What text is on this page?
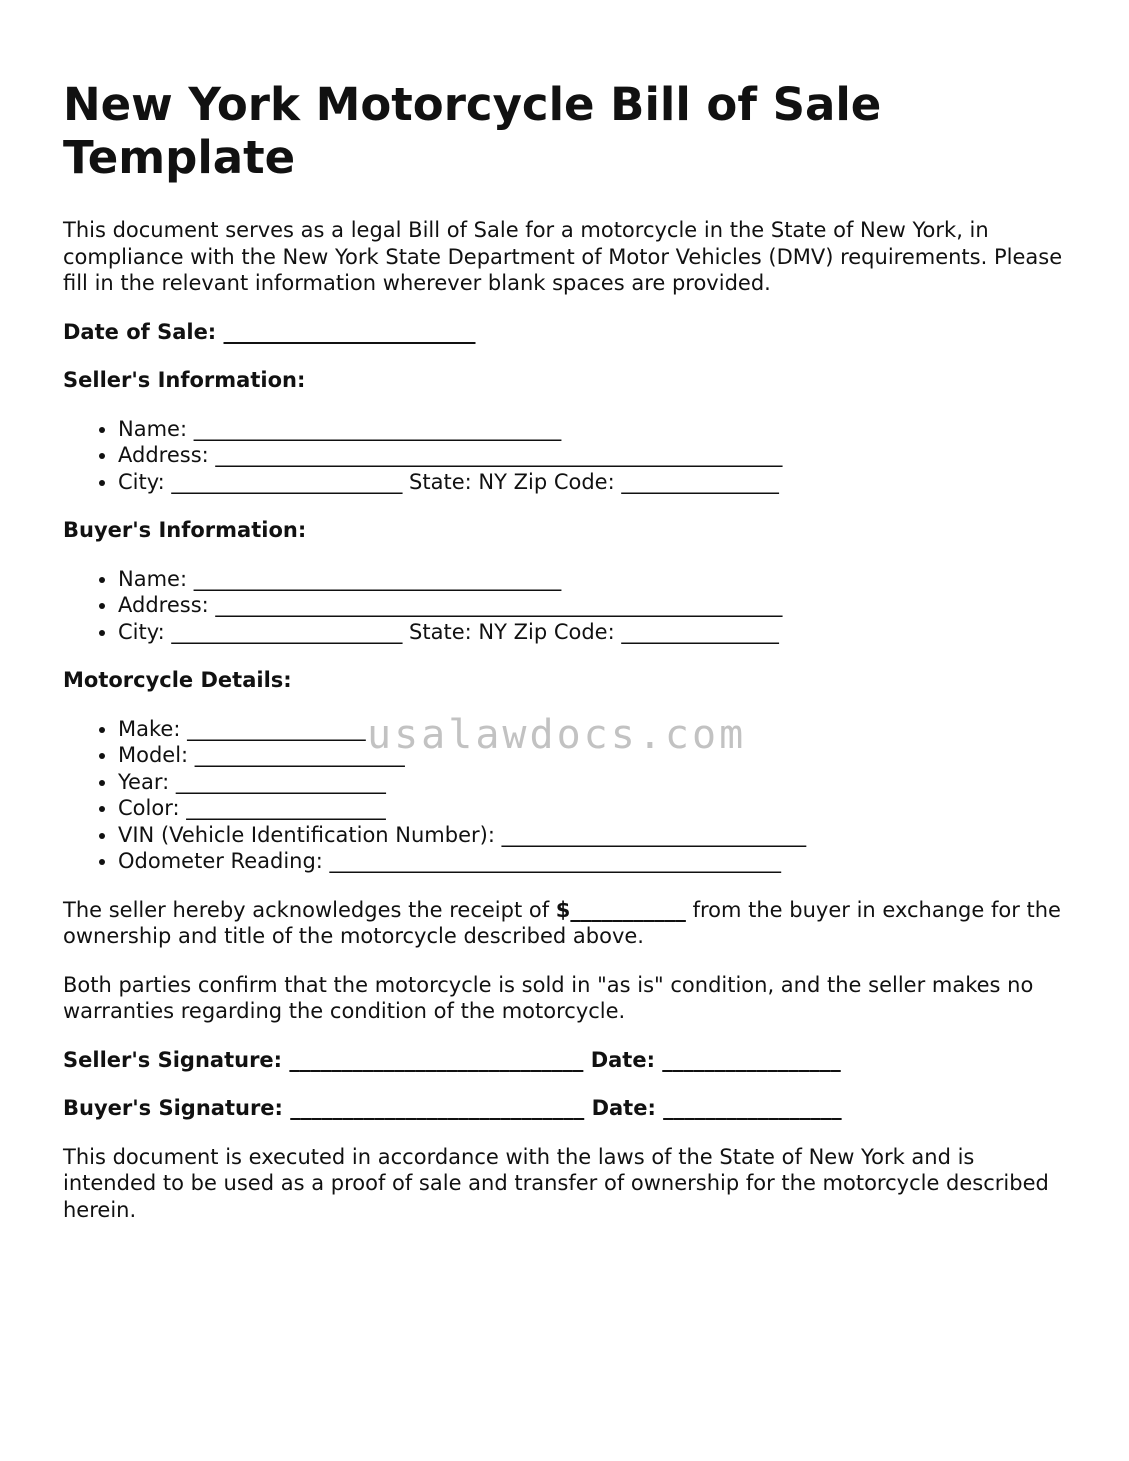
New York Motorcycle Bill of Sale Template

This document serves as a legal Bill of Sale for a motorcycle in the State of New York, in compliance with the New York State Department of Motor Vehicles (DMV) requirements. Please fill in the relevant information wherever blank spaces are provided.

Date of Sale: ________________________
Seller's Information:
• Name: ___________________________________
• Address: ______________________________________________________
• City: ______________________ State: NY Zip Code: _______________
Buyer's Information:
• Name: ___________________________________
• Address: ______________________________________________________
• City: ______________________ State: NY Zip Code: _______________
Motorcycle Details:
• Make: _________________
• Model: ____________________
• Year: ____________________
• Color: ___________________
• VIN (Vehicle Identification Number): _____________________________
• Odometer Reading: ___________________________________________

The seller hereby acknowledges the receipt of $___________ from the buyer in exchange for the ownership and title of the motorcycle described above.

Both parties confirm that the motorcycle is sold in "as is" condition, and the seller makes no warranties regarding the condition of the motorcycle.

Seller's Signature: ____________________________ Date: _________________
Buyer's Signature: ____________________________ Date: _________________

This document is executed in accordance with the laws of the State of New York and is intended to be used as a proof of sale and transfer of ownership for the motorcycle described herein.

usalawdocs.com
